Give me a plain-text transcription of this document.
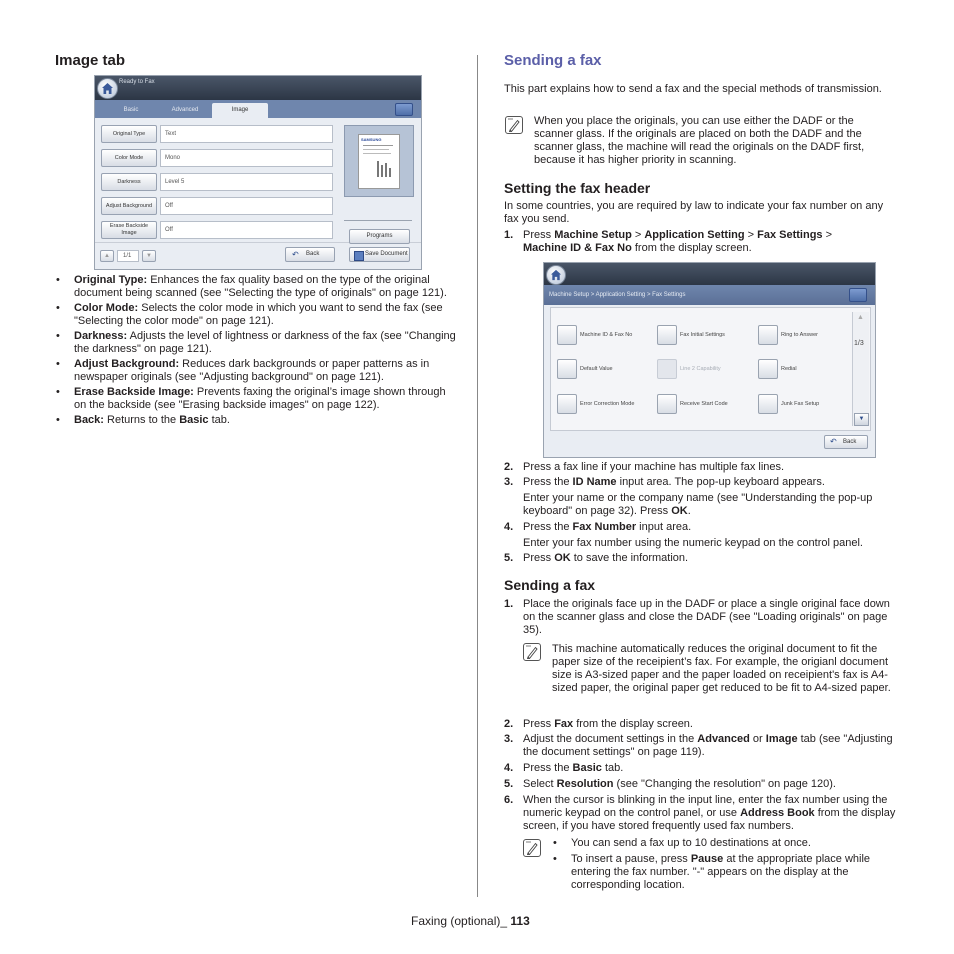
Image tab
Ready to Fax
Basic	Advanced	Image
Original Type	Text
Color Mode	Mono
Darkness	Level 5
Adjust Background	Off
Erase Backside Image	Off
SAMSUNG
▲	1/1	▼	↶ Back
Programs
Save Document
• Original Type: Enhances the fax quality based on the type of the original document being scanned (see "Selecting the type of originals" on page 121).
• Color Mode: Selects the color mode in which you want to send the fax (see "Selecting the color mode" on page 121).
• Darkness: Adjusts the level of lightness or darkness of the fax (see "Changing the darkness" on page 121).
• Adjust Background: Reduces dark backgrounds or paper patterns as in newspaper originals (see "Adjusting background" on page 121).
• Erase Backside Image: Prevents faxing the original’s image shown through on the backside (see "Erasing backside images" on page 122).
• Back: Returns to the Basic tab.
Sending a fax

This part explains how to send a fax and the special methods of transmission.

When you place the originals, you can use either the DADF or the scanner glass. If the originals are placed on both the DADF and the scanner glass, the machine will read the originals on the DADF first, because it has higher priority in scanning.

Setting the fax header

In some countries, you are required by law to indicate your fax number on any fax you send.

1. Press Machine Setup > Application Setting > Fax Settings >
Machine ID & Fax No from the display screen.
Machine Setup > Application Setting > Fax Settings
Machine ID & Fax No	Fax Initial Settings	Ring to Answer
Default Value	Line 2 Capability	Redial
Error Correction Mode	Receive Start Code	Junk Fax Setup
▲
1/3
▼
↶ Back
2. Press a fax line if your machine has multiple fax lines.
3. Press the ID Name input area. The pop-up keyboard appears.

Enter your name or the company name (see "Understanding the pop-up keyboard" on page 32). Press OK.

4. Press the Fax Number input area.

Enter your fax number using the numeric keypad on the control panel.

5. Press OK to save the information.
Sending a fax
1. Place the originals face up in the DADF or place a single original face down on the scanner glass and close the DADF (see "Loading originals" on page 35).

This machine automatically reduces the original document to fit the paper size of the receipient’s fax. For example, the origianl document size is A3-sized paper and the paper loaded on receipient's fax is A4-sized paper, the original paper get reduced to be fit to A4-sized paper.

2. Press Fax from the display screen.
3. Adjust the document settings in the Advanced or Image tab (see "Adjusting the document settings" on page 119).
4. Press the Basic tab.
5. Select Resolution (see "Changing the resolution" on page 120).
6. When the cursor is blinking in the input line, enter the fax number using the numeric keypad on the control panel, or use Address Book from the display screen, if you have stored frequently used fax numbers.
• You can send a fax up to 10 destinations at once.
• To insert a pause, press Pause at the appropriate place while entering the fax number. "-" appears on the display at the corresponding location.
Faxing (optional)_ 113
